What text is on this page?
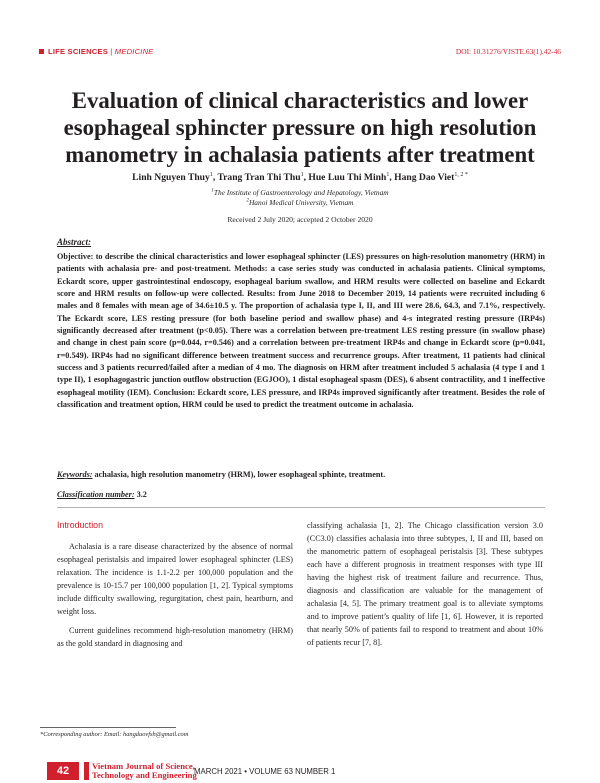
LIFE SCIENCES | MEDICINE	DOI: 10.31276/VJSTE.63(1).42-46
Evaluation of clinical characteristics and lower esophageal sphincter pressure on high resolution manometry in achalasia patients after treatment
Linh Nguyen Thuy$^1$, Trang Tran Thi Thu$^1$, Hue Luu Thi Minh$^1$, Hang Dao Viet$^{1, 2 *}$
$^1$The Institute of Gastroenterology and Hepatology, Vietnam
$^2$Hanoi Medical University, Vietnam
Received 2 July 2020; accepted 2 October 2020
Abstract:

Objective: to describe the clinical characteristics and lower esophageal sphincter (LES) pressures on high-resolution manometry (HRM) in patients with achalasia pre- and post-treatment. Methods: a case series study was conducted in achalasia patients. Clinical symptoms, Eckardt score, upper gastrointestinal endoscopy, esophageal barium swallow, and HRM results were collected on baseline and Eckardt score and HRM results on follow-up were collected. Results: from June 2018 to December 2019, 14 patients were recruited including 6 males and 8 females with mean age of 34.6±10.5 y. The proportion of achalasia type I, II, and III were 28.6, 64.3, and 7.1%, respectively. The Eckardt score, LES resting pressure (for both baseline period and swallow phase) and 4-s integrated resting pressure (IRP4s) significantly decreased after treatment (p<0.05). There was a correlation between pre-treatment LES resting pressure (in swallow phase) and change in chest pain score (p=0.044, r=0.546) and a correlation between pre-treatment IRP4s and change in Eckardt score (p=0.041, r=0.549). IRP4s had no significant difference between treatment success and recurrence groups. After treatment, 11 patients had clinical success and 3 patients recurred/failed after a median of 4 mo. The diagnosis on HRM after treatment included 5 achalasia (4 type I and 1 type II), 1 esophagogastric junction outflow obstruction (EGJOO), 1 distal esophageal spasm (DES), 6 absent contractility, and 1 ineffective esophageal motility (IEM). Conclusion: Eckardt score, LES pressure, and IRP4s improved significantly after treatment. Besides the role of classification and treatment option, HRM could be used to predict the treatment outcome in achalasia.

Keywords: achalasia, high resolution manometry (HRM), lower esophageal sphinte, treatment.
Classification number: 3.2
Introduction

Achalasia is a rare disease characterized by the absence of normal esophageal peristalsis and impaired lower esophageal sphincter (LES) relaxation. The incidence is 1.1-2.2 per 100,000 population and the prevalence is 10-15.7 per 100,000 population [1, 2]. Typical symptoms include difficulty swallowing, regurgitation, chest pain, heartburn, and weight loss.

Current guidelines recommend high-resolution manometry (HRM) as the gold standard in diagnosing and

classifying achalasia [1, 2]. The Chicago classification version 3.0 (CC3.0) classifies achalasia into three subtypes, I, II and III, based on the manometric pattern of esophageal peristalsis [3]. These subtypes each have a different prognosis in treatment responses with type III having the highest risk of treatment failure and recurrence. Thus, diagnosis and classification are valuable for the management of achalasia [4, 5]. The primary treatment goal is to alleviate symptoms and to improve patient’s quality of life [1, 6]. However, it is reported that nearly 50% of patients fail to respond to treatment and about 10% of patients recur [7, 8].

*Corresponding author: Email: hangdaovfsh@gmail.com
42	Vietnam Journal of Science,
Technology and Engineering
MARCH 2021 • VOLUME 63 NUMBER 1
